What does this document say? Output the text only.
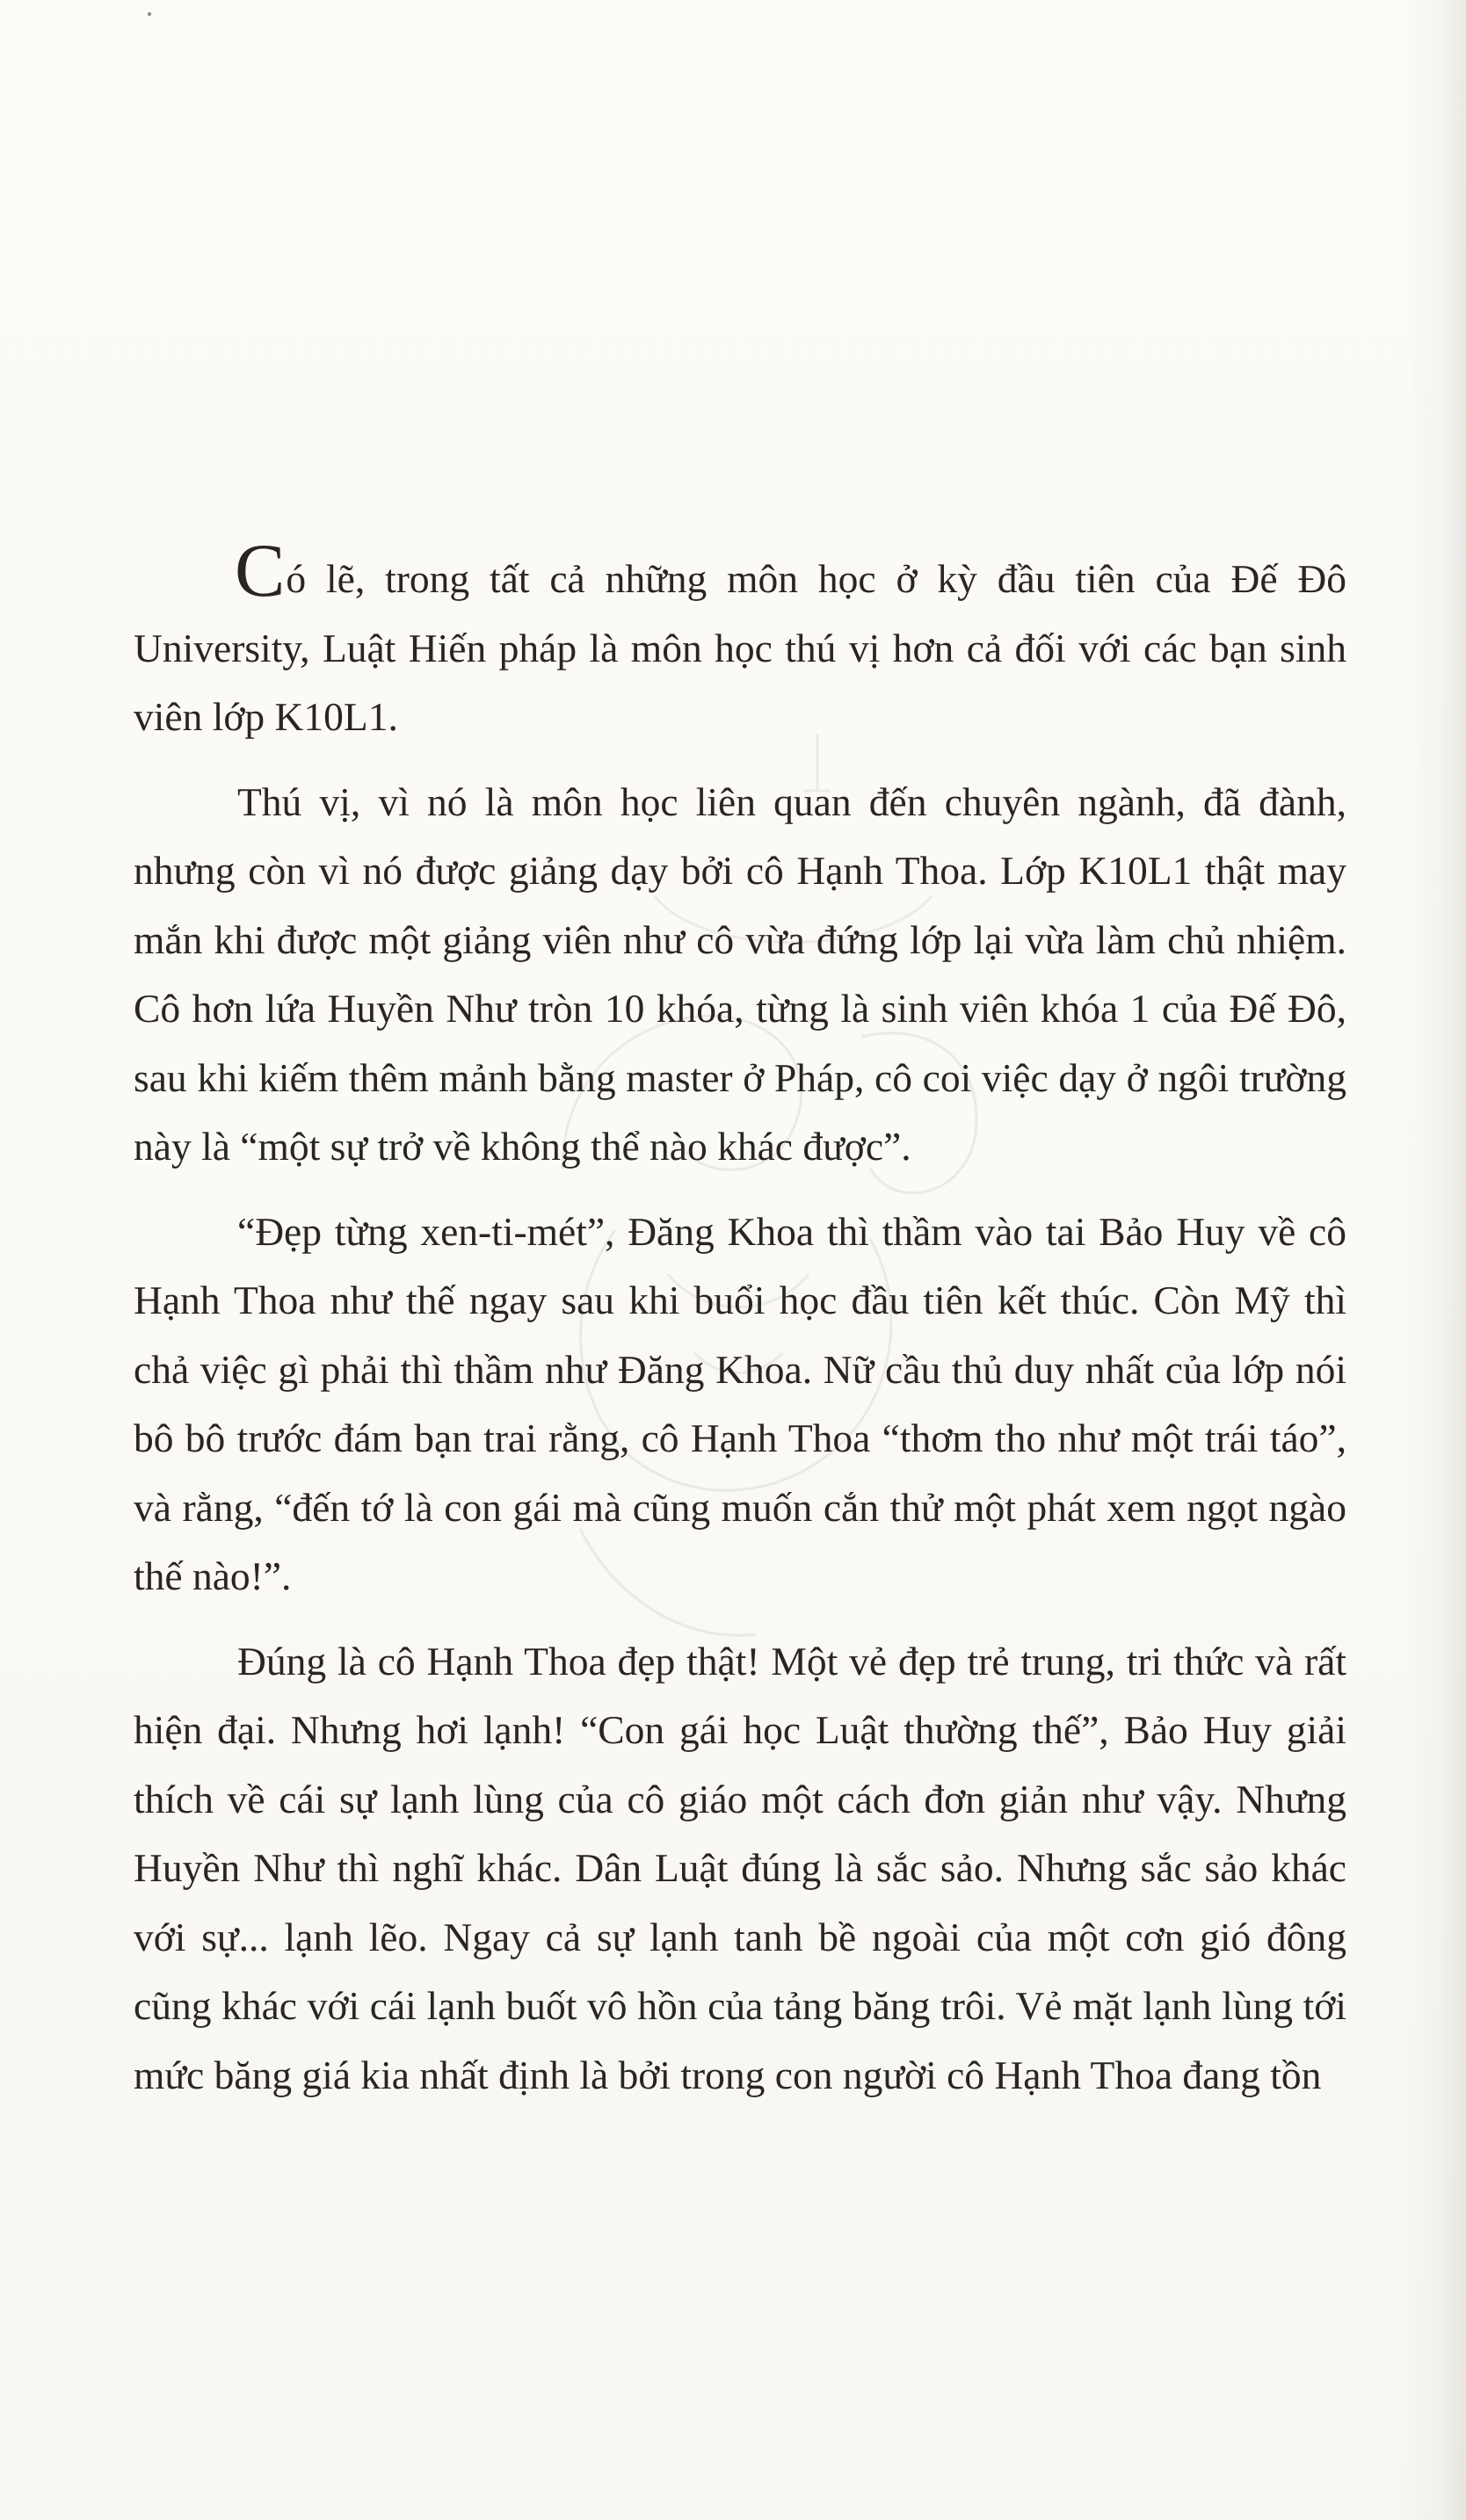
Có lẽ, trong tất cả những môn học ở kỳ đầu tiên của Đế Đô University, Luật Hiến pháp là môn học thú vị hơn cả đối với các bạn sinh viên lớp K10L1.

Thú vị, vì nó là môn học liên quan đến chuyên ngành, đã đành, nhưng còn vì nó được giảng dạy bởi cô Hạnh Thoa. Lớp K10L1 thật may mắn khi được một giảng viên như cô vừa đứng lớp lại vừa làm chủ nhiệm. Cô hơn lứa Huyền Như tròn 10 khóa, từng là sinh viên khóa 1 của Đế Đô, sau khi kiếm thêm mảnh bằng master ở Pháp, cô coi việc dạy ở ngôi trường này là “một sự trở về không thể nào khác được”.

“Đẹp từng xen-ti-mét”, Đăng Khoa thì thầm vào tai Bảo Huy về cô Hạnh Thoa như thế ngay sau khi buổi học đầu tiên kết thúc. Còn Mỹ thì chả việc gì phải thì thầm như Đăng Khoa. Nữ cầu thủ duy nhất của lớp nói bô bô trước đám bạn trai rằng, cô Hạnh Thoa “thơm tho như một trái táo”, và rằng, “đến tớ là con gái mà cũng muốn cắn thử một phát xem ngọt ngào thế nào!”.

Đúng là cô Hạnh Thoa đẹp thật! Một vẻ đẹp trẻ trung, tri thức và rất hiện đại. Nhưng hơi lạnh! “Con gái học Luật thường thế”, Bảo Huy giải thích về cái sự lạnh lùng của cô giáo một cách đơn giản như vậy. Nhưng Huyền Như thì nghĩ khác. Dân Luật đúng là sắc sảo. Nhưng sắc sảo khác với sự... lạnh lẽo. Ngay cả sự lạnh tanh bề ngoài của một cơn gió đông cũng khác với cái lạnh buốt vô hồn của tảng băng trôi. Vẻ mặt lạnh lùng tới mức băng giá kia nhất định là bởi trong con người cô Hạnh Thoa đang tồn
